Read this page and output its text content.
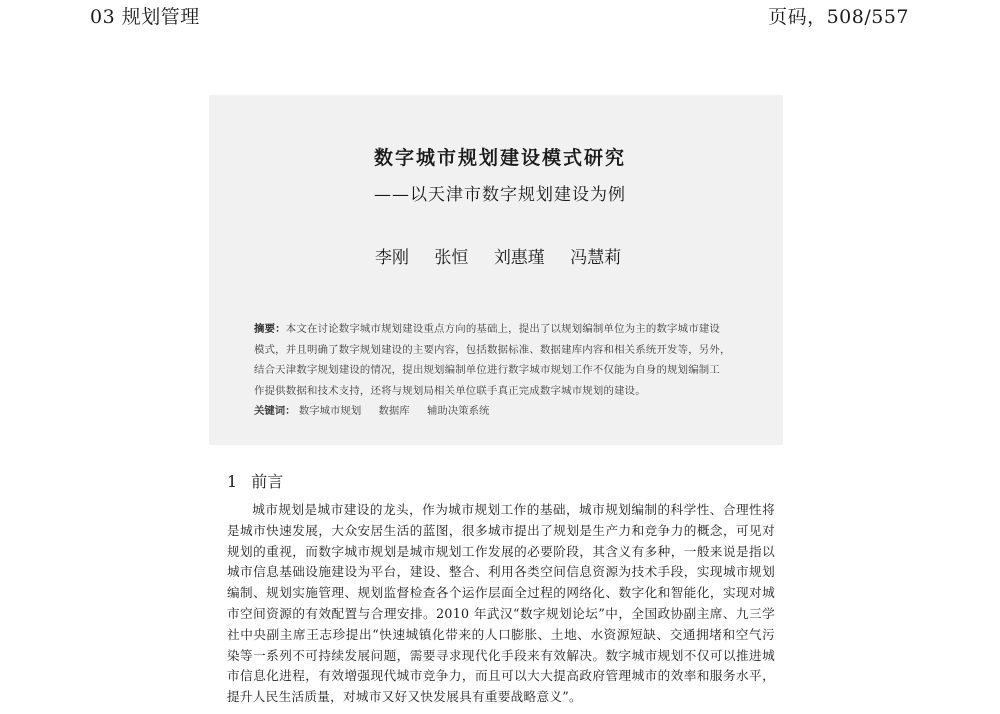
03 规划管理	页码，508/557
数字城市规划建设模式研究
——以天津市数字规划建设为例
李刚 张恒 刘惠瑾 冯慧莉
摘要：本文在讨论数字城市规划建设重点方向的基础上，提出了以规划编制单位为主的数字城市建设
模式，并且明确了数字规划建设的主要内容，包括数据标准、数据建库内容和相关系统开发等，另外，
结合天津数字规划建设的情况，提出规划编制单位进行数字城市规划工作不仅能为自身的规划编制工
作提供数据和技术支持，还将与规划局相关单位联手真正完成数字城市规划的建设。
关键词： 数字城市规划 数据库 辅助决策系统
1 前言
城市规划是城市建设的龙头，作为城市规划工作的基础，城市规划编制的科学性、合理性将是城市快速发展，大众安居生活的蓝图，很多城市提出了规划是生产力和竞争力的概念，可见对规划的重视，而数字城市规划是城市规划工作发展的必要阶段，其含义有多种，一般来说是指以城市信息基础设施建设为平台，建设、整合、利用各类空间信息资源为技术手段，实现城市规划编制、规划实施管理、规划监督检查各个运作层面全过程的网络化、数字化和智能化，实现对城市空间资源的有效配置与合理安排。2010 年武汉“数字规划论坛”中，全国政协副主席、九三学社中央副主席王志珍提出“快速城镇化带来的人口膨胀、土地、水资源短缺、交通拥堵和空气污染等一系列不可持续发展问题，需要寻求现代化手段来有效解决。数字城市规划不仅可以推进城市信息化进程，有效增强现代城市竞争力，而且可以大大提高政府管理城市的效率和服务水平，提升人民生活质量，对城市又好又快发展具有重要战略意义”。
